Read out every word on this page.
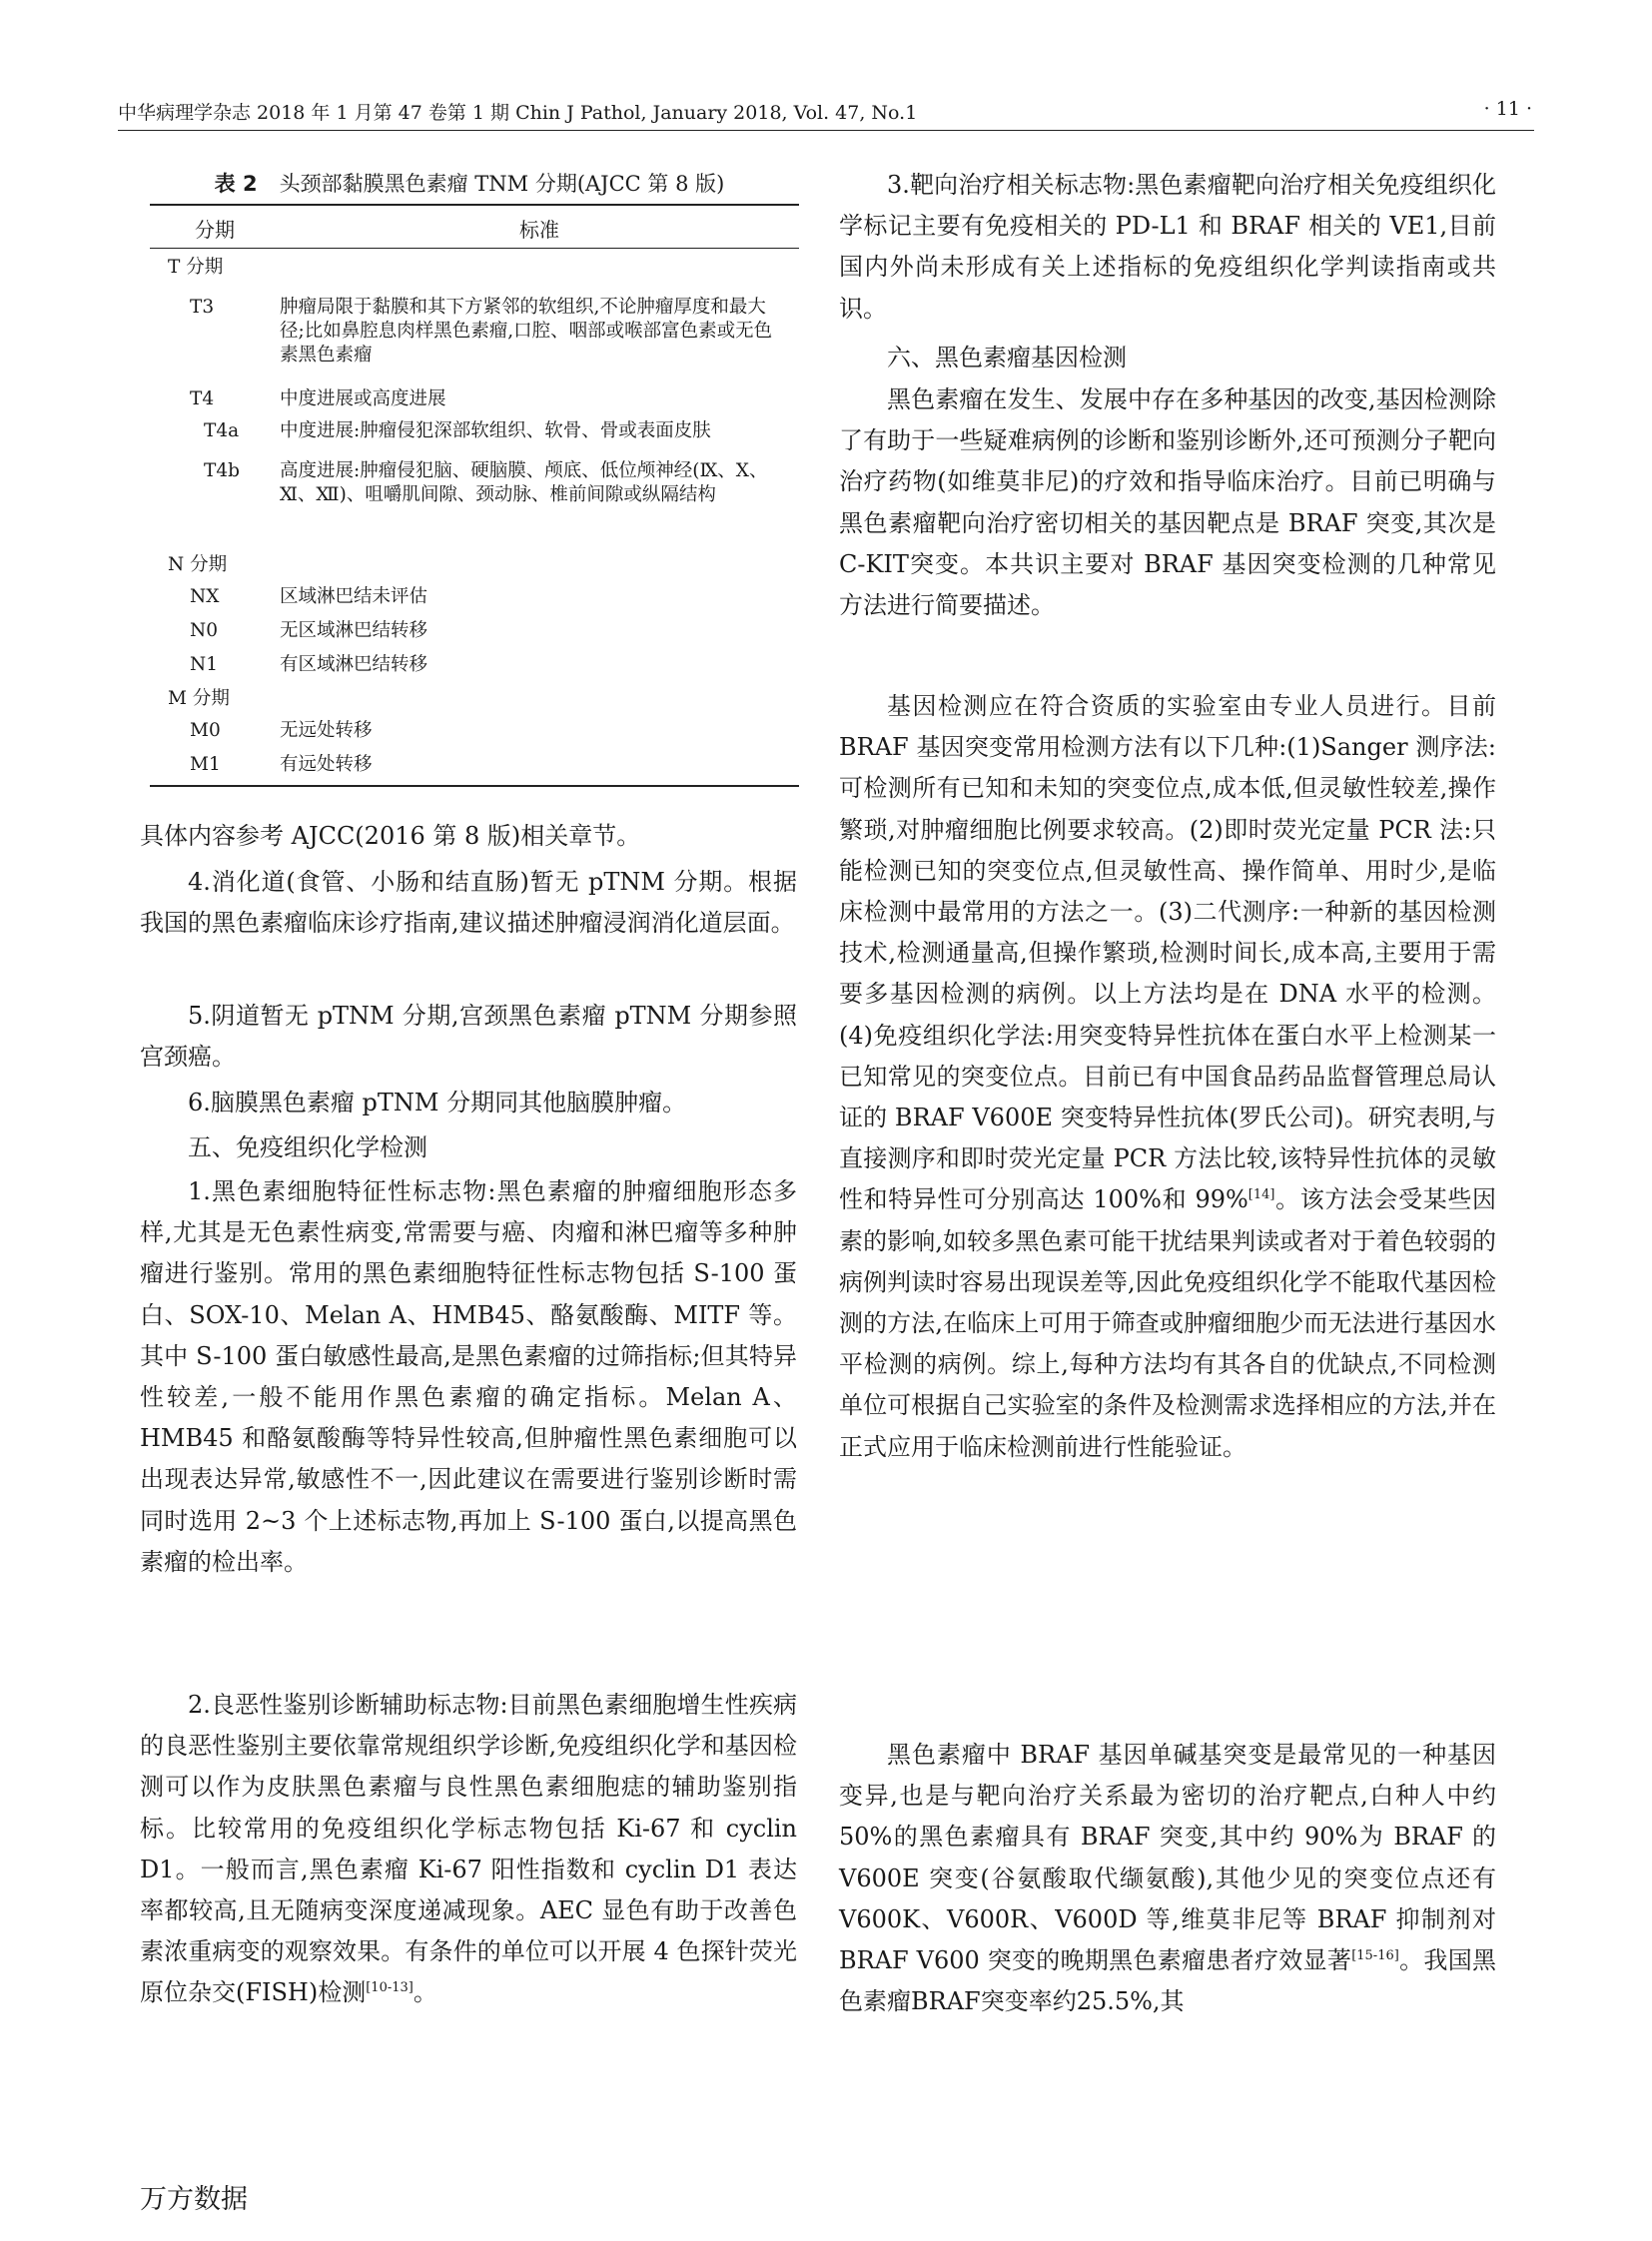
中华病理学杂志 2018 年 1 月第 47 卷第 1 期 Chin J Pathol, January 2018, Vol. 47, No.1	· 11 ·
表 2 头颈部黏膜黑色素瘤 TNM 分期(AJCC 第 8 版)
分期	标准
T 分期
T3	肿瘤局限于黏膜和其下方紧邻的软组织,不论肿瘤厚度和最大径;比如鼻腔息肉样黑色素瘤,口腔、咽部或喉部富色素或无色素黑色素瘤
T4	中度进展或高度进展
T4a 中度进展:肿瘤侵犯深部软组织、软骨、骨或表面皮肤
T4b 高度进展:肿瘤侵犯脑、硬脑膜、颅底、低位颅神经(Ⅸ、Ⅹ、Ⅺ、Ⅻ)、咀嚼肌间隙、颈动脉、椎前间隙或纵隔结构
N 分期
NX	区域淋巴结未评估
N0	无区域淋巴结转移
N1	有区域淋巴结转移
M 分期
M0	无远处转移
M1	有远处转移

具体内容参考 AJCC(2016 第 8 版)相关章节。

4.消化道(食管、小肠和结直肠)暂无 pTNM 分期。根据我国的黑色素瘤临床诊疗指南,建议描述肿瘤浸润消化道层面。

5.阴道暂无 pTNM 分期,宫颈黑色素瘤 pTNM 分期参照宫颈癌。

6.脑膜黑色素瘤 pTNM 分期同其他脑膜肿瘤。

五、免疫组织化学检测

1.黑色素细胞特征性标志物:黑色素瘤的肿瘤细胞形态多样,尤其是无色素性病变,常需要与癌、肉瘤和淋巴瘤等多种肿瘤进行鉴别。常用的黑色素细胞特征性标志物包括 S-100 蛋白、SOX-10、Melan A、HMB45、酪氨酸酶、MITF 等。其中 S-100 蛋白敏感性最高,是黑色素瘤的过筛指标;但其特异性较差,一般不能用作黑色素瘤的确定指标。Melan A、HMB45 和酪氨酸酶等特异性较高,但肿瘤性黑色素细胞可以出现表达异常,敏感性不一,因此建议在需要进行鉴别诊断时需同时选用 2~3 个上述标志物,再加上 S-100 蛋白,以提高黑色素瘤的检出率。

2.良恶性鉴别诊断辅助标志物:目前黑色素细胞增生性疾病的良恶性鉴别主要依靠常规组织学诊断,免疫组织化学和基因检测可以作为皮肤黑色素瘤与良性黑色素细胞痣的辅助鉴别指标。比较常用的免疫组织化学标志物包括 Ki-67 和 cyclin D1。一般而言,黑色素瘤 Ki-67 阳性指数和 cyclin D1 表达率都较高,且无随病变深度递减现象。AEC 显色有助于改善色素浓重病变的观察效果。有条件的单位可以开展 4 色探针荧光原位杂交(FISH)检测[10-13]。

3.靶向治疗相关标志物:黑色素瘤靶向治疗相关免疫组织化学标记主要有免疫相关的 PD-L1 和 BRAF 相关的 VE1,目前国内外尚未形成有关上述指标的免疫组织化学判读指南或共识。

六、黑色素瘤基因检测

黑色素瘤在发生、发展中存在多种基因的改变,基因检测除了有助于一些疑难病例的诊断和鉴别诊断外,还可预测分子靶向治疗药物(如维莫非尼)的疗效和指导临床治疗。目前已明确与黑色素瘤靶向治疗密切相关的基因靶点是 BRAF 突变,其次是 C-KIT突变。本共识主要对 BRAF 基因突变检测的几种常见方法进行简要描述。

基因检测应在符合资质的实验室由专业人员进行。目前 BRAF 基因突变常用检测方法有以下几种:(1)Sanger 测序法:可检测所有已知和未知的突变位点,成本低,但灵敏性较差,操作繁琐,对肿瘤细胞比例要求较高。(2)即时荧光定量 PCR 法:只能检测已知的突变位点,但灵敏性高、操作简单、用时少,是临床检测中最常用的方法之一。(3)二代测序:一种新的基因检测技术,检测通量高,但操作繁琐,检测时间长,成本高,主要用于需要多基因检测的病例。以上方法均是在 DNA 水平的检测。(4)免疫组织化学法:用突变特异性抗体在蛋白水平上检测某一已知常见的突变位点。目前已有中国食品药品监督管理总局认证的 BRAF V600E 突变特异性抗体(罗氏公司)。研究表明,与直接测序和即时荧光定量 PCR 方法比较,该特异性抗体的灵敏性和特异性可分别高达 100%和 99%[14]。该方法会受某些因素的影响,如较多黑色素可能干扰结果判读或者对于着色较弱的病例判读时容易出现误差等,因此免疫组织化学不能取代基因检测的方法,在临床上可用于筛查或肿瘤细胞少而无法进行基因水平检测的病例。综上,每种方法均有其各自的优缺点,不同检测单位可根据自己实验室的条件及检测需求选择相应的方法,并在正式应用于临床检测前进行性能验证。

黑色素瘤中 BRAF 基因单碱基突变是最常见的一种基因变异,也是与靶向治疗关系最为密切的治疗靶点,白种人中约 50%的黑色素瘤具有 BRAF 突变,其中约 90%为 BRAF 的 V600E 突变(谷氨酸取代缬氨酸),其他少见的突变位点还有 V600K、V600R、V600D 等,维莫非尼等 BRAF 抑制剂对 BRAF V600 突变的晚期黑色素瘤患者疗效显著[15-16]。我国黑色素瘤BRAF突变率约25.5%,其

万方数据
